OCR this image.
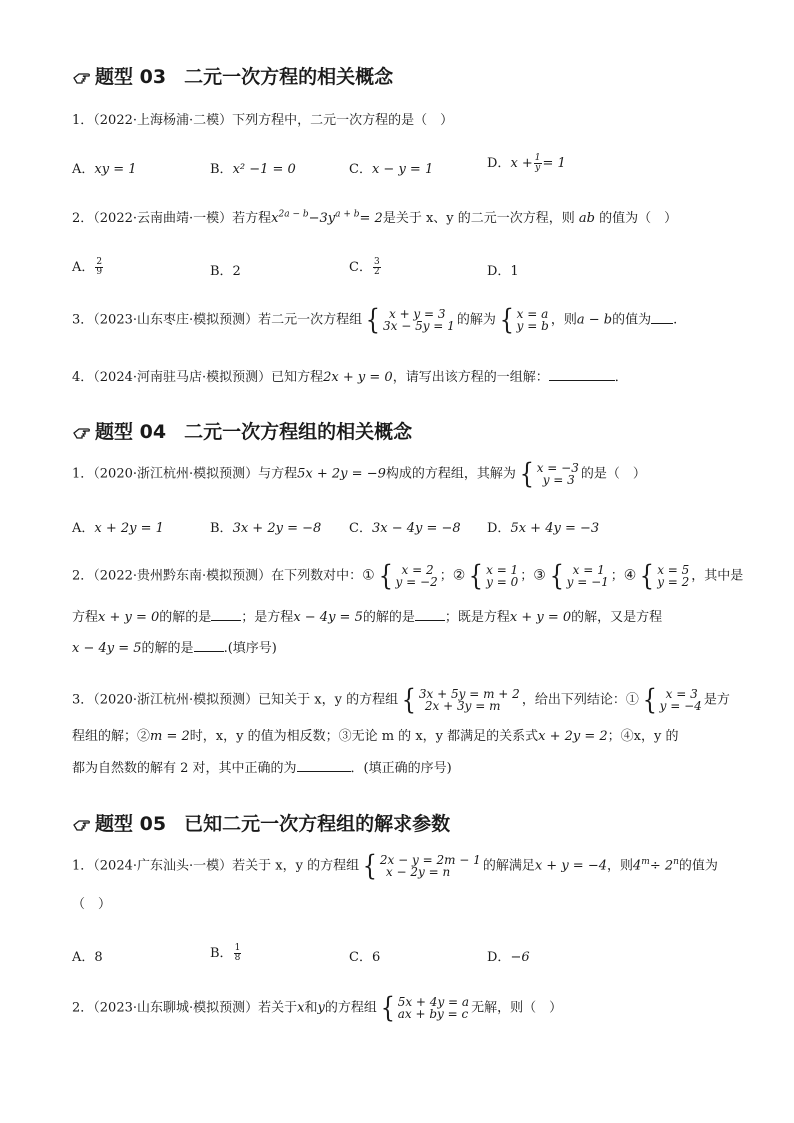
题型 03 二元一次方程的相关概念
1．（2022·上海杨浦·二模）下列方程中，二元一次方程的是（　）
A．xy = 1	B．x² −1 = 0	C．x − y = 1	D．$x + \frac{1}{y} = 1$
2．（2022·云南曲靖·一模）若方程$x^{2a - b}-3y^{a + b}= 2$是关于 x、y 的二元一次方程，则 ab 的值为（　）
A． $\frac{2}{9}$	B．2	C． $\frac{3}{2}$	D．1
3．（2023·山东枣庄·模拟预测）若二元一次方程组 { x + y = 3
3x − 5y = 1 的解为 { x = a
y = b ，则a − b的值为 .
4．（2024·河南驻马店·模拟预测）已知方程2x + y = 0，请写出该方程的一组解：	．
题型 04 二元一次方程组的相关概念
1．（2020·浙江杭州·模拟预测）与方程5x + 2y = −9构成的方程组，其解为 { x = −3
y = 3 的是（　）
A．x + 2y = 1	B．3x + 2y = −8 C．3x − 4y = −8 D．5x + 4y = −3
2．（2022·贵州黔东南·模拟预测）在下列数对中：① { x = 2
y = −2 ；② { x = 1
y = 0 ；③ { x = 1
y = −1 ；④ { x = 5
y = 2 ，其中是
方程x + y = 0的解的是 ；是方程x − 4y = 5的解的是 ；既是方程x + y = 0的解，又是方程
x − 4y = 5的解的是 .(填序号)
3．（2020·浙江杭州·模拟预测）已知关于 x，y 的方程组 { 3x + 5y = m + 2
2x + 3y = m	，给出下列结论：① { x = 3
y = −4 是方
程组的解；②m = 2时，x，y 的值为相反数；③无论 m 的 x，y 都满足的关系式x + 2y = 2；④x，y 的
都为自然数的解有 2 对，其中正确的为	．(填正确的序号)
题型 05 已知二元一次方程组的解求参数
1．（2024·广东汕头·一模）若关于 x，y 的方程组 { 2x − y = 2m − 1
x − 2y = n	的解满足x + y = −4，则$4^m\div 2^n$的值为
（　）
A．8	B． $\frac{1}{8}$	C．6	D．−6
2．（2023·山东聊城·模拟预测）若关于x和y的方程组 { 5x + 4y = a
ax + by = c 无解，则（　）
